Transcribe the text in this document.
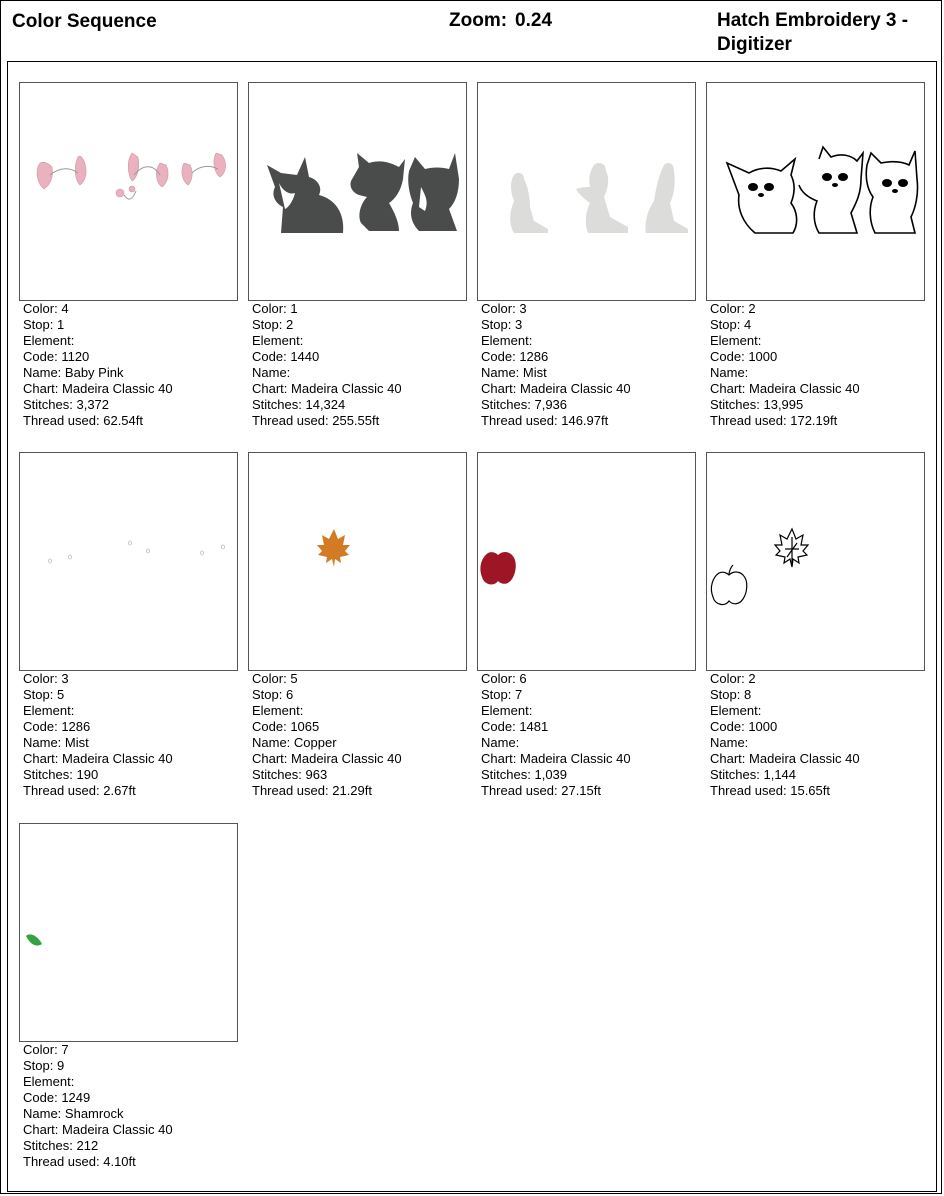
Color Sequence	Zoom: 0.24	Hatch Embroidery 3 - Digitizer
Color: 4
Stop: 1
Element:
Code: 1120
Name: Baby Pink
Chart: Madeira Classic 40
Stitches: 3,372
Thread used: 62.54ft
Color: 1
Stop: 2
Element:
Code: 1440
Name:
Chart: Madeira Classic 40
Stitches: 14,324
Thread used: 255.55ft
Color: 3
Stop: 3
Element:
Code: 1286
Name: Mist
Chart: Madeira Classic 40
Stitches: 7,936
Thread used: 146.97ft
Color: 2
Stop: 4
Element:
Code: 1000
Name:
Chart: Madeira Classic 40
Stitches: 13,995
Thread used: 172.19ft
Color: 3
Stop: 5
Element:
Code: 1286
Name: Mist
Chart: Madeira Classic 40
Stitches: 190
Thread used: 2.67ft
Color: 5
Stop: 6
Element:
Code: 1065
Name: Copper
Chart: Madeira Classic 40
Stitches: 963
Thread used: 21.29ft
Color: 6
Stop: 7
Element:
Code: 1481
Name:
Chart: Madeira Classic 40
Stitches: 1,039
Thread used: 27.15ft
Color: 2
Stop: 8
Element:
Code: 1000
Name:
Chart: Madeira Classic 40
Stitches: 1,144
Thread used: 15.65ft
Color: 7
Stop: 9
Element:
Code: 1249
Name: Shamrock
Chart: Madeira Classic 40
Stitches: 212
Thread used: 4.10ft
